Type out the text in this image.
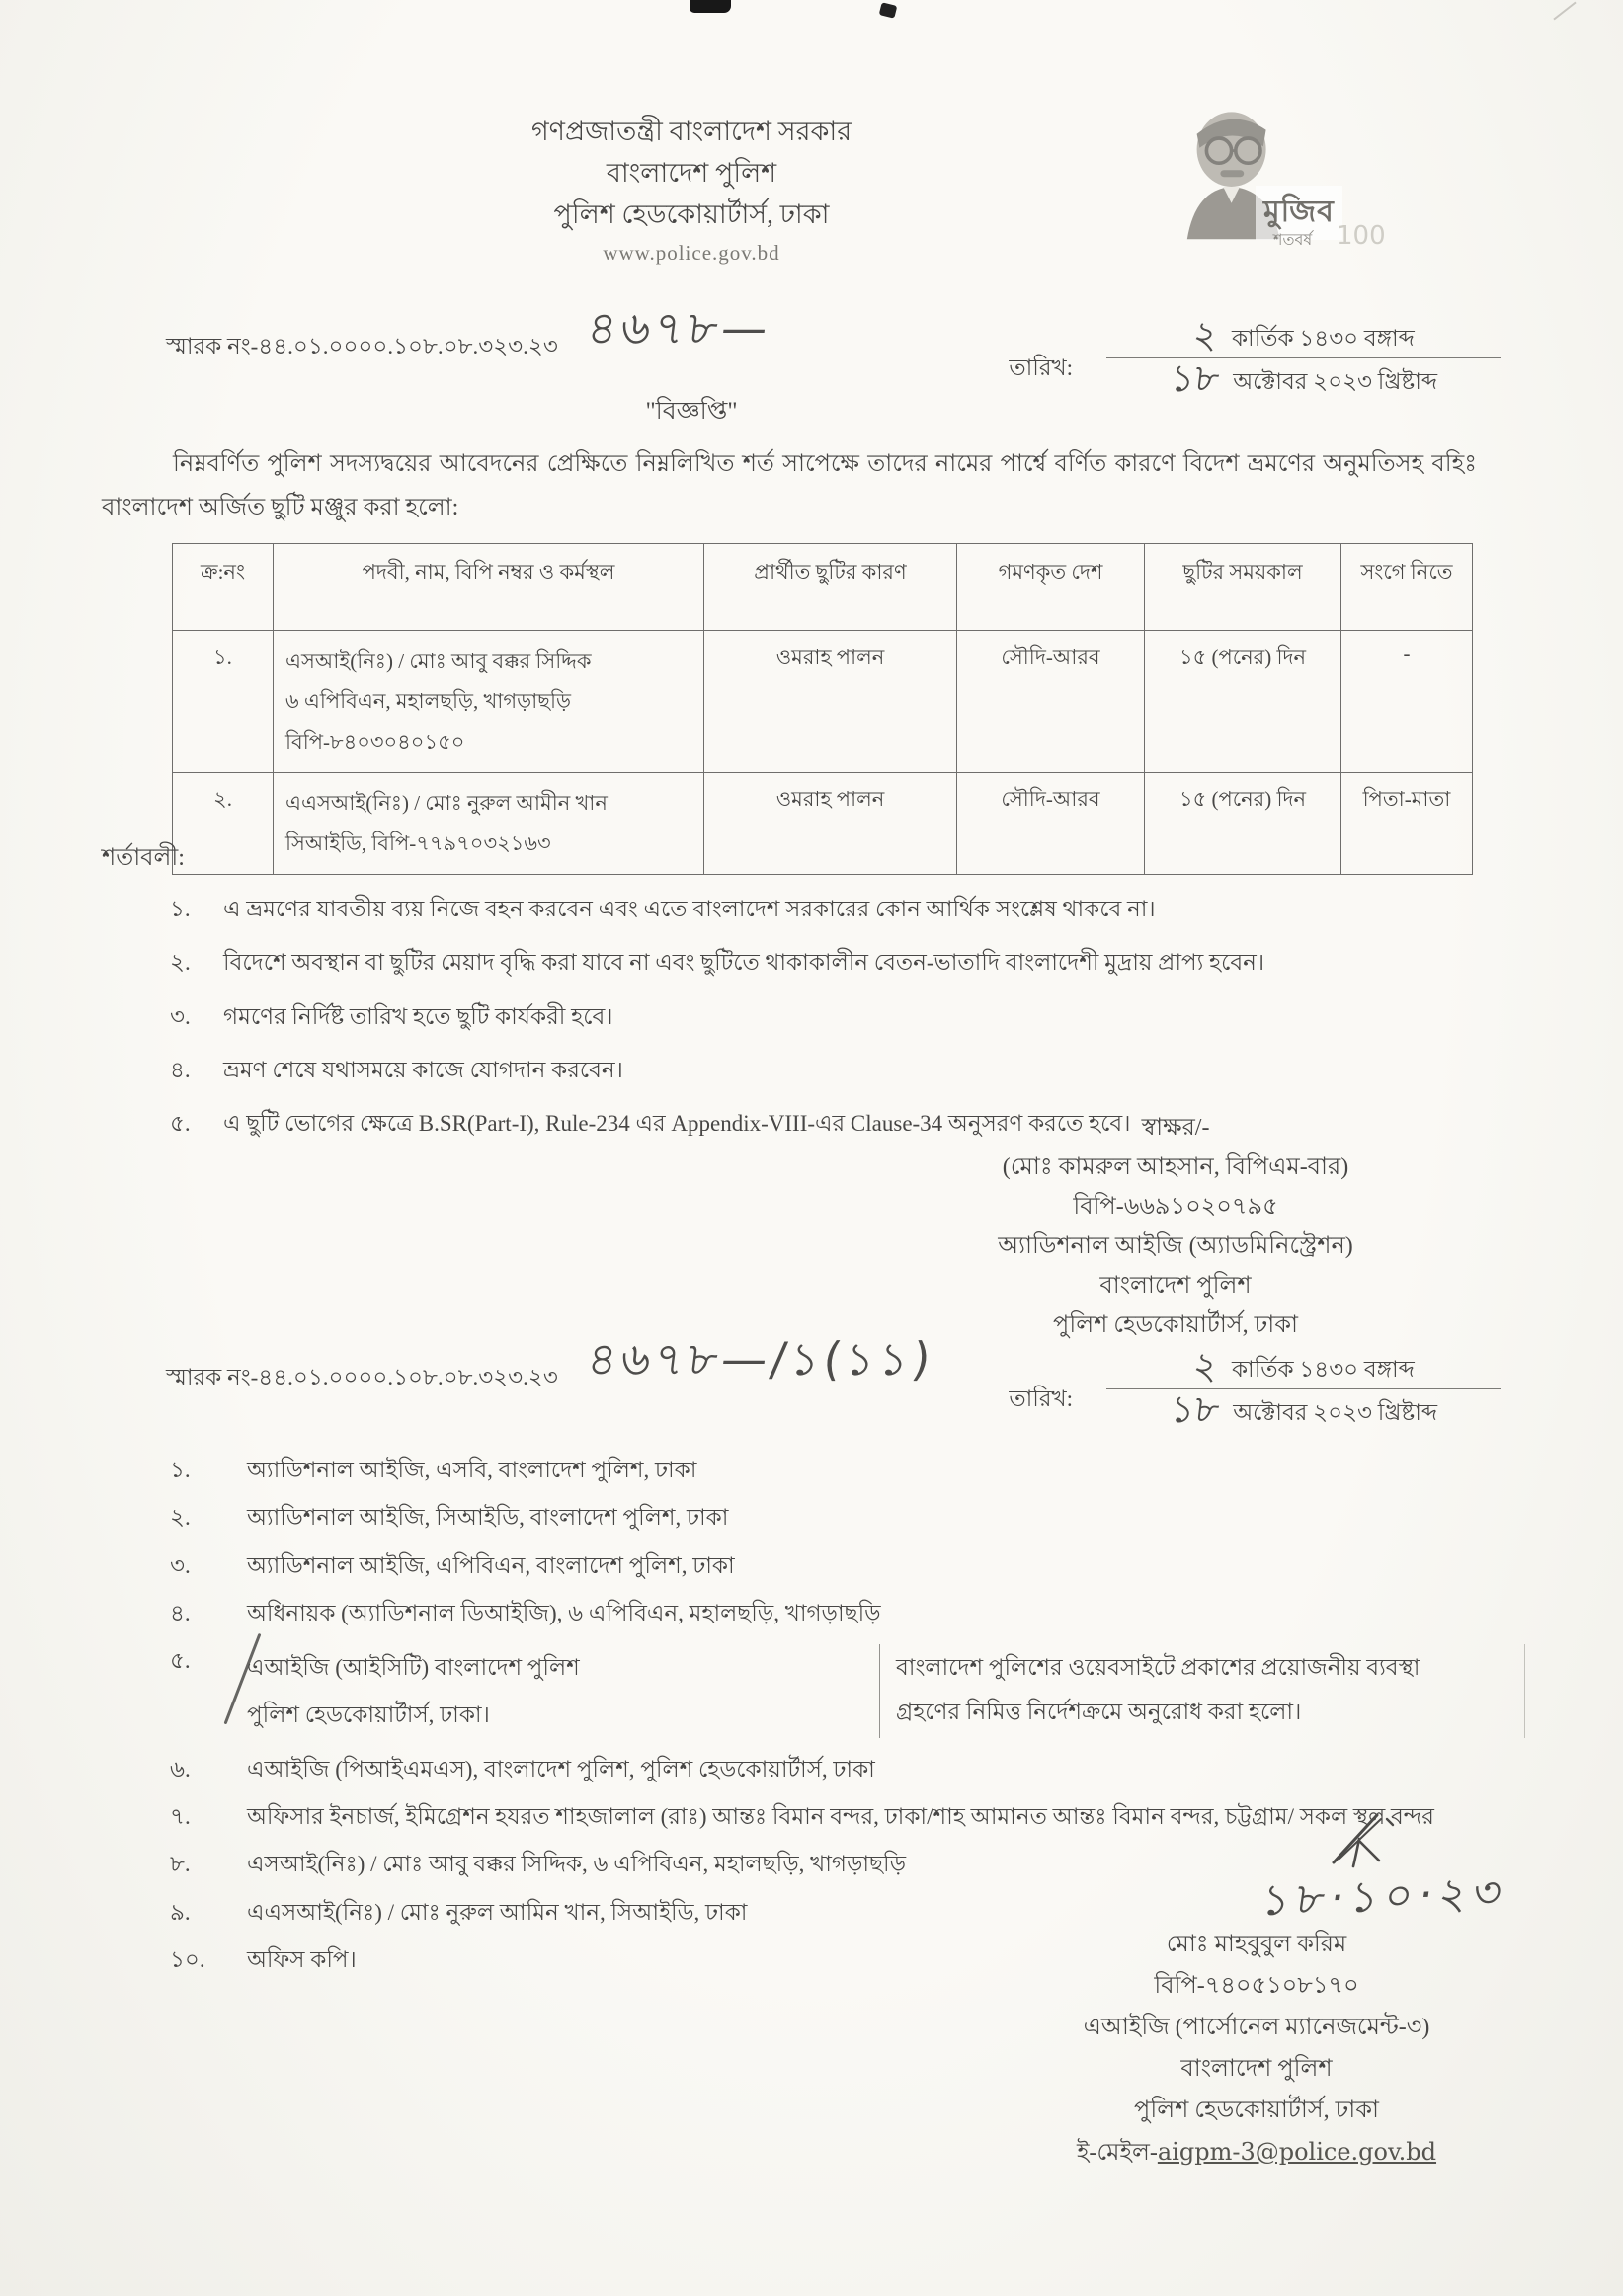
গণপ্রজাতন্ত্রী বাংলাদেশ সরকার
বাংলাদেশ পুলিশ
পুলিশ হেডকোয়ার্টার্স, ঢাকা
www.police.gov.bd
মুজিব
শতবর্ষ 100
স্মারক নং-৪৪.০১.০০০০.১০৮.০৮.৩২৩.২৩ ৪৬৭৮—
তারিখ: $\frac{\text{২ কার্তিক ১৪৩০ বঙ্গাব্দ}}{\text{১৮ অক্টোবর ২০২৩ খ্রিষ্টাব্দ}}$
"বিজ্ঞপ্তি"

নিম্নবর্ণিত পুলিশ সদস্যদ্বয়ের আবেদনের প্রেক্ষিতে নিম্নলিখিত শর্ত সাপেক্ষে তাদের নামের পার্শ্বে বর্ণিত কারণে বিদেশ ভ্রমণের অনুমতিসহ বহিঃ বাংলাদেশ অর্জিত ছুটি মঞ্জুর করা হলো:

ক্র:নং	পদবী, নাম, বিপি নম্বর ও কর্মস্থল	প্রার্থীত ছুটির কারণ	গমণকৃত দেশ	ছুটির সময়কাল	সংগে নিতে
১.	এসআই(নিঃ) / মোঃ আবু বক্কর সিদ্দিক
৬ এপিবিএন, মহালছড়ি, খাগড়াছড়ি
বিপি-৮৪০৩০৪০১৫০	ওমরাহ পালন	সৌদি-আরব	১৫ (পনের) দিন	-
২.	এএসআই(নিঃ) / মোঃ নুরুল আমীন খান
সিআইডি, বিপি-৭৭৯৭০৩২১৬৩	ওমরাহ পালন	সৌদি-আরব	১৫ (পনের) দিন	পিতা-মাতা
শর্তাবলী:
১.	এ ভ্রমণের যাবতীয় ব্যয় নিজে বহন করবেন এবং এতে বাংলাদেশ সরকারের কোন আর্থিক সংশ্লেষ থাকবে না।
২.	বিদেশে অবস্থান বা ছুটির মেয়াদ বৃদ্ধি করা যাবে না এবং ছুটিতে থাকাকালীন বেতন-ভাতাদি বাংলাদেশী মুদ্রায় প্রাপ্য হবেন।
৩.	গমণের নির্দিষ্ট তারিখ হতে ছুটি কার্যকরী হবে।
৪.	ভ্রমণ শেষে যথাসময়ে কাজে যোগদান করবেন।
৫.	এ ছুটি ভোগের ক্ষেত্রে B.SR(Part-I), Rule-234 এর Appendix-VIII-এর Clause-34 অনুসরণ করতে হবে। স্বাক্ষর/-
(মোঃ কামরুল আহসান, বিপিএম-বার)
বিপি-৬৬৯১০২০৭৯৫
অ্যাডিশনাল আইজি (অ্যাডমিনিস্ট্রেশন)
বাংলাদেশ পুলিশ
পুলিশ হেডকোয়ার্টার্স, ঢাকা
স্মারক নং-৪৪.০১.০০০০.১০৮.০৮.৩২৩.২৩ ৪৬৭৮—/১(১১)
তারিখ: $\frac{\text{২ কার্তিক ১৪৩০ বঙ্গাব্দ}}{\text{১৮ অক্টোবর ২০২৩ খ্রিষ্টাব্দ}}$
১.	অ্যাডিশনাল আইজি, এসবি, বাংলাদেশ পুলিশ, ঢাকা
২.	অ্যাডিশনাল আইজি, সিআইডি, বাংলাদেশ পুলিশ, ঢাকা
৩.	অ্যাডিশনাল আইজি, এপিবিএন, বাংলাদেশ পুলিশ, ঢাকা
৪.	অধিনায়ক (অ্যাডিশনাল ডিআইজি), ৬ এপিবিএন, মহালছড়ি, খাগড়াছড়ি
৫.	এআইজি (আইসিটি) বাংলাদেশ পুলিশ
পুলিশ হেডকোয়ার্টার্স, ঢাকা।
বাংলাদেশ পুলিশের ওয়েবসাইটে প্রকাশের প্রয়োজনীয় ব্যবস্থা
গ্রহণের নিমিত্ত নির্দেশক্রমে অনুরোধ করা হলো।
৬.	এআইজি (পিআইএমএস), বাংলাদেশ পুলিশ, পুলিশ হেডকোয়ার্টার্স, ঢাকা
৭.	অফিসার ইনচার্জ, ইমিগ্রেশন হযরত শাহজালাল (রাঃ) আন্তঃ বিমান বন্দর, ঢাকা/শাহ আমানত আন্তঃ বিমান বন্দর, চট্টগ্রাম/ সকল স্থল বন্দর
৮.	এসআই(নিঃ) / মোঃ আবু বক্কর সিদ্দিক, ৬ এপিবিএন, মহালছড়ি, খাগড়াছড়ি
৯.	এএসআই(নিঃ) / মোঃ নুরুল আমিন খান, সিআইডি, ঢাকা
১০.	অফিস কপি।
১৮·১০·২৩
মোঃ মাহবুবুল করিম
বিপি-৭৪০৫১০৮১৭০
এআইজি (পার্সোনেল ম্যানেজমেন্ট-৩)
বাংলাদেশ পুলিশ
পুলিশ হেডকোয়ার্টার্স, ঢাকা
ই-মেইল-aigpm-3@police.gov.bd
